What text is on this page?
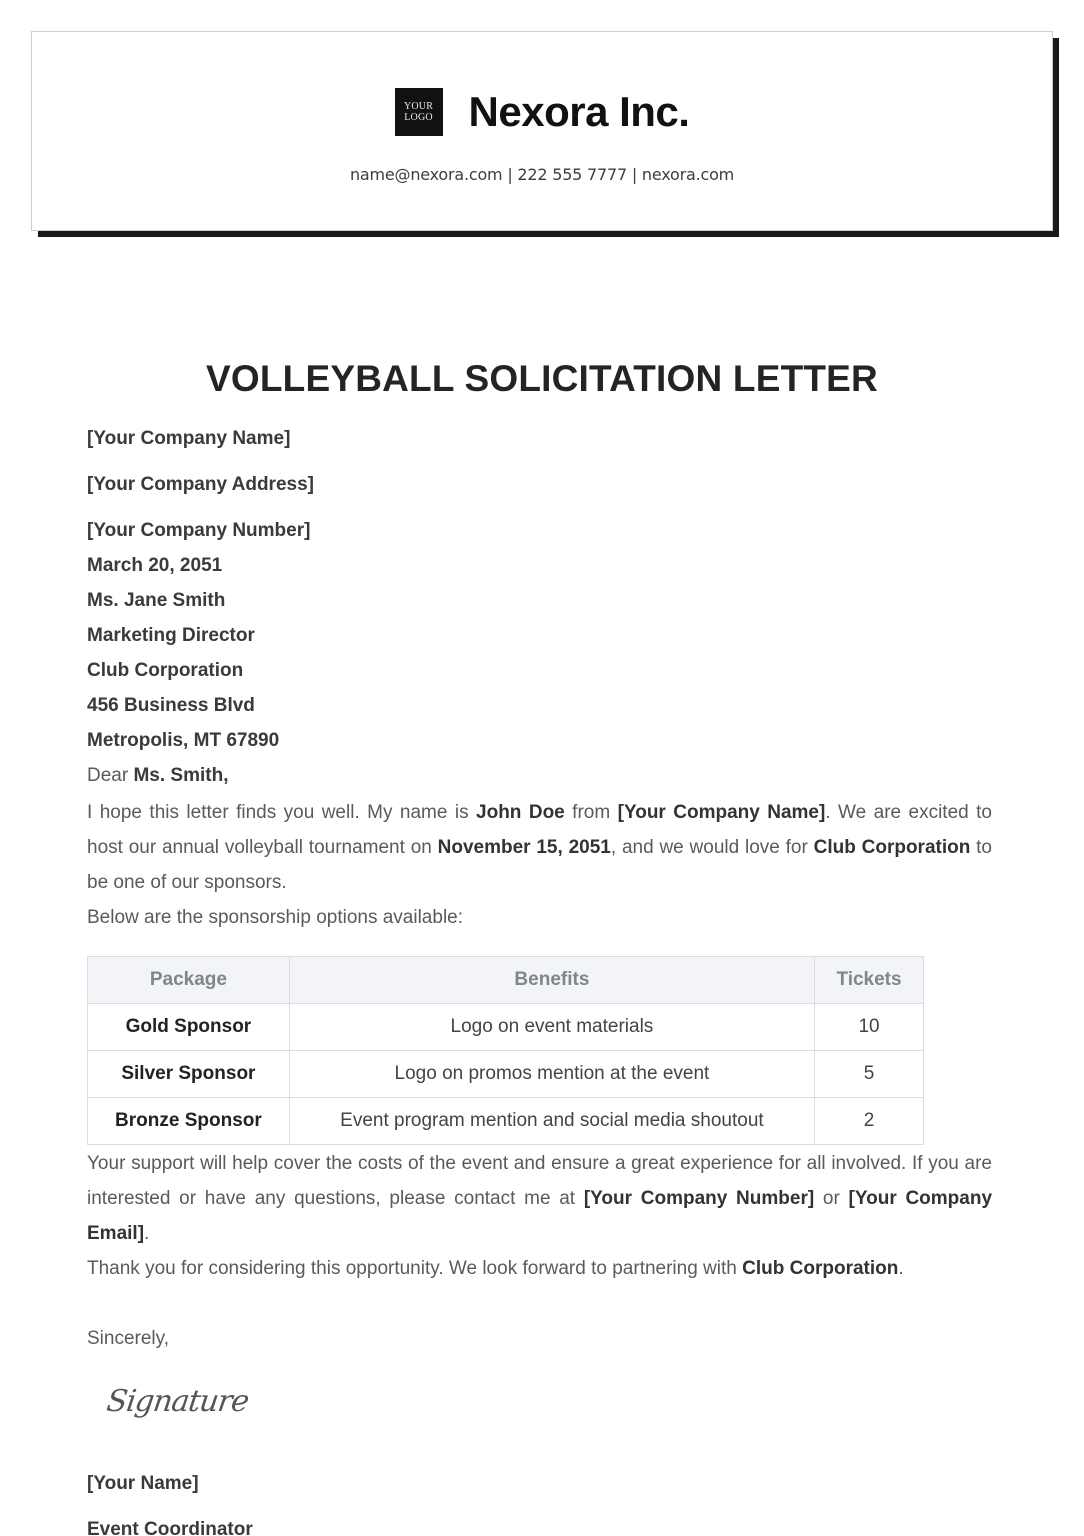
YOUR
LOGO Nexora Inc.
name@nexora.com | 222 555 7777 | nexora.com
VOLLEYBALL SOLICITATION LETTER
[Your Company Name]
[Your Company Address]
[Your Company Number]
March 20, 2051
Ms. Jane Smith
Marketing Director
Club Corporation
456 Business Blvd
Metropolis, MT 67890
Dear Ms. Smith,
I hope this letter finds you well. My name is John Doe from [Your Company Name]. We are excited to host our annual volleyball tournament on November 15, 2051, and we would love for Club Corporation to be one of our sponsors.
Below are the sponsorship options available:
Package	Benefits	Tickets
Gold Sponsor	Logo on event materials	10
Silver Sponsor	Logo on promos mention at the event	5
Bronze Sponsor	Event program mention and social media shoutout	2
Your support will help cover the costs of the event and ensure a great experience for all involved. If you are interested or have any questions, please contact me at [Your Company Number] or [Your Company Email].
Thank you for considering this opportunity. We look forward to partnering with Club Corporation.
Sincerely,
Signature
[Your Name]
Event Coordinator
